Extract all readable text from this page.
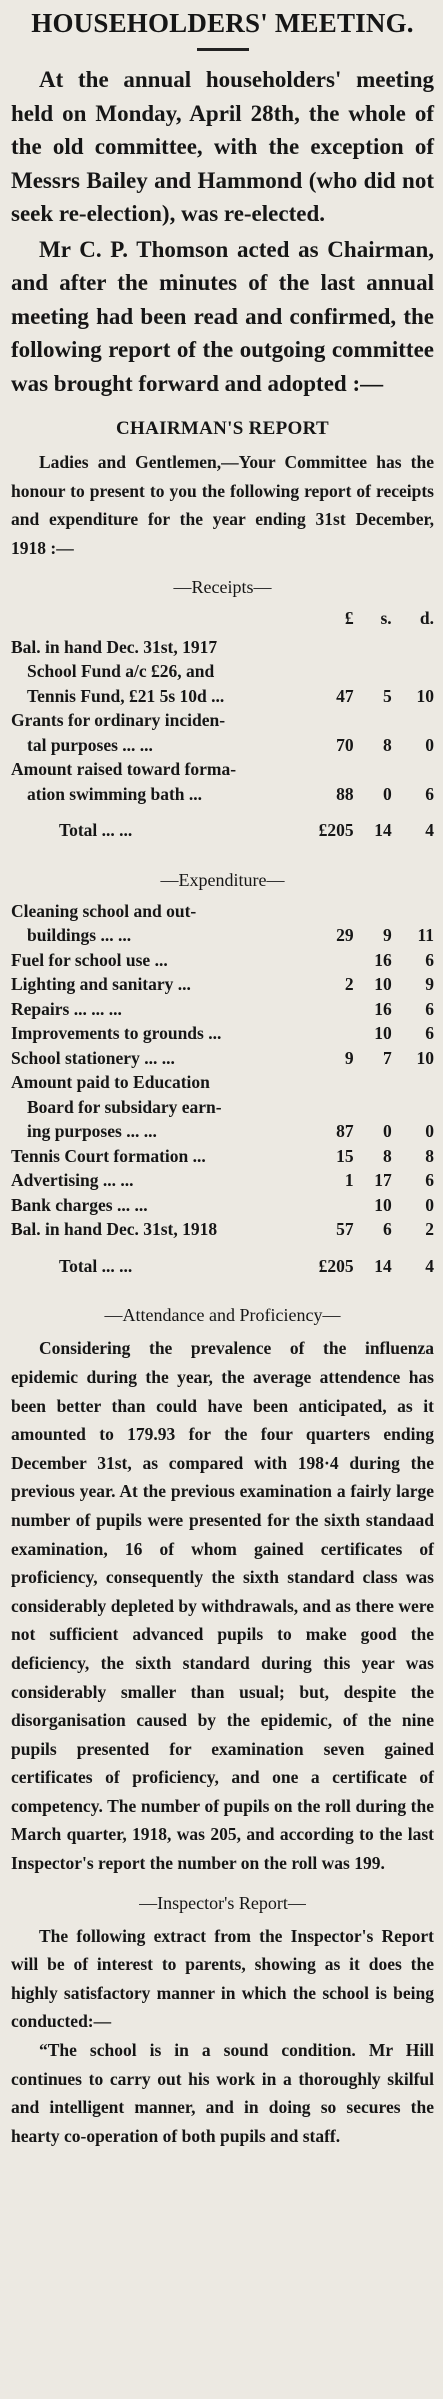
HOUSEHOLDERS' MEETING.

At the annual householders' meeting held on Monday, April 28th, the whole of the old committee, with the exception of Messrs Bailey and Hammond (who did not seek re-election), was re-elected.

Mr C. P. Thomson acted as Chairman, and after the minutes of the last annual meeting had been read and confirmed, the following report of the outgoing committee was brought forward and adopted :—

CHAIRMAN'S REPORT

Ladies and Gentlemen,—Your Committee has the honour to present to you the following report of receipts and expenditure for the year ending 31st December, 1918 :—

—Receipts—
	£	s.	d.
Bal. in hand Dec. 31st, 1917			
School Fund a/c £26, and			
Tennis Fund, £21 5s 10d ...	47	5	10
Grants for ordinary inciden-			
tal purposes ... ...	70	8	0
Amount raised toward forma-			
ation swimming bath ...	88	0	6
Total ... ...	£205	14	4
—Expenditure—
Cleaning school and out-			
buildings ... ...	29	9	11
Fuel for school use ...		16	6
Lighting and sanitary ...	2	10	9
Repairs ... ... ...		16	6
Improvements to grounds ...		10	6
School stationery ... ...	9	7	10
Amount paid to Education			
Board for subsidary earn-			
ing purposes ... ...	87	0	0
Tennis Court formation ...	15	8	8
Advertising ... ...	1	17	6
Bank charges ... ...		10	0
Bal. in hand Dec. 31st, 1918	57	6	2
Total ... ...	£205	14	4
—Attendance and Proficiency—

Considering the prevalence of the influenza epidemic during the year, the average attendence has been better than could have been anticipated, as it amounted to 179.93 for the four quarters ending December 31st, as compared with 198·4 during the previous year. At the previous examination a fairly large number of pupils were presented for the sixth standaad examination, 16 of whom gained certificates of proficiency, consequently the sixth standard class was considerably depleted by withdrawals, and as there were not sufficient advanced pupils to make good the deficiency, the sixth standard during this year was considerably smaller than usual; but, despite the disorganisation caused by the epidemic, of the nine pupils presented for examination seven gained certificates of proficiency, and one a certificate of competency. The number of pupils on the roll during the March quarter, 1918, was 205, and according to the last Inspector's report the number on the roll was 199.

—Inspector's Report—

The following extract from the Inspector's Report will be of interest to parents, showing as it does the highly satisfactory manner in which the school is being conducted:—

“The school is in a sound condition. Mr Hill continues to carry out his work in a thoroughly skilful and intelligent manner, and in doing so secures the hearty co-operation of both pupils and staff.
